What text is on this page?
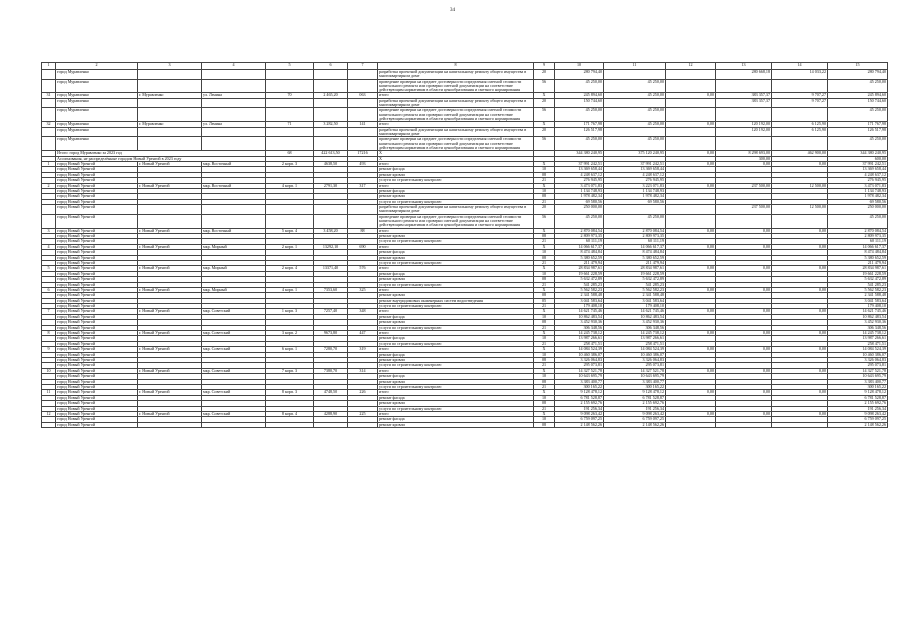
34
1	2	3	4	5	6	7	8	9	10	11	12	13	14	15
	город Муравленко						разработка проектной документации на капитальному ремонту общего имущества в многоквартирном доме	20	280 794,40			280 668,18	14 033,22	280 794,40
	город Муравленко						проведение проверки на предмет достоверности определения сметной стоимости капитального ремонта или проверки сметной документации на соответствие действующим нормативам в области ценообразования и сметного нормирования	56	45 250,00	45 250,00				45 250,00
31	город Муравленко	г. Муравленко	ул. Ленина	70	2 465,20	063	итого	X	245 894,60	45 250,00	0,00	383 357,37	9 707,27	245 894,60
	город Муравленко						разработка проектной документации на капитальному ремонту общего имущества в многоквартирном доме	20	150 744,60			383 357,37	9 707,27	150 744,60
	город Муравленко						проведение проверки на предмет достоверности определения сметной стоимости капитального ремонта или проверки сметной документации на соответствие действующим нормативам в области ценообразования и сметного нормирования	56	45 250,00	45 250,00				45 250,00
32	город Муравленко	г. Муравленко	ул. Ленина	71	3 282,50	141	итого	X	171 767,98	45 250,00	0,00	120 192,00	6 125,90	171 767,98
	город Муравленко						разработка проектной документации на капитальному ремонту общего имущества в многоквартирном доме	20	126 517,98			120 192,00	6 125,90	126 517,98
	город Муравленко						проведение проверки на предмет достоверности определения сметной стоимости капитального ремонта или проверки сметной документации на соответствие действующим нормативам в области ценообразования и сметного нормирования	56	45 250,00	45 250,00				45 250,00
	Итого: город Муравленко за 2023 год			68	422 613,50	17216	X		344 380 240,95	375 120 240,95	0,00	8 298 693,00	462 900,00	344 380 240,95
	Ассигнования, не распределённые городом Новый Уренгой в 2023 году						X					300,00		600,00
1	город Новый Уренгой	г. Новый Уренгой	мкр. Восточный	2 корп. 3	4638,50	493	итого	X	37 991 242,51	37 991 242,51	0,00	0,00	0,00	37 991 242,51
	город Новый Уренгой						ремонт фасада	10	13 369 658,44	13 369 658,44				13 369 658,44
	город Новый Уренгой						ремонт кровли	08	4 248 637,12	4 248 637,12				4 248 637,12
	город Новый Уренгой						услуги по строительному контролю	21	276 945,95	276 945,95				276 945,95
2	город Новый Уренгой	г. Новый Уренгой	мкр. Восточный	4 корп. 1	2791,30	317	итого	X	3 473 071,83	3 223 071,83	0,00	237 500,00	12 500,00	3 473 071,83
	город Новый Уренгой						ремонт фасада	10	1 134 748,93	1 134 748,93				1 134 748,93
	город Новый Уренгой						ремонт кровли	08	1 978 482,34	1 978 482,34				1 978 482,34
	город Новый Уренгой						услуги по строительному контролю	21	69 580,56	69 580,56				69 580,56
	город Новый Уренгой						разработка проектной документации на капитальному ремонту общего имущества в многоквартирном доме	20	250 000,00			237 500,00	12 500,00	250 000,00
	город Новый Уренгой						проведение проверки на предмет достоверности определения сметной стоимости капитального ремонта или проверки сметной документации на соответствие действующим нормативам в области ценообразования и сметного нормирования	56	45 250,00	45 250,00				45 250,00
3	город Новый Уренгой	г. Новый Уренгой	мкр. Восточный	5 корп. 4	3 458,20	88	итого	X	2 870 084,54	2 870 084,54	0,00	0,00	0,00	2 870 084,54
	город Новый Уренгой						ремонт кровли	08	2 809 973,35	2 809 973,35				2 809 973,35
	город Новый Уренгой						услуги по строительному контролю	21	60 111,19	60 111,19				60 111,19
4	город Новый Уренгой	г. Новый Уренгой	мкр. Мирный	2 корп. 1	13292,10	690	итого	X	14 066 617,37	14 066 617,37	0,00	0,00	0,00	14 066 617,37
	город Новый Уренгой						ремонт фасада	10	8 474 484,84	8 474 484,84				8 474 484,84
	город Новый Уренгой						ремонт кровли	08	5 380 652,59	5 380 652,59				5 380 652,59
	город Новый Уренгой						услуги по строительному контролю	21	211 479,94	211 479,94				211 479,94
5	город Новый Уренгой	г. Новый Уренгой	мкр. Мирный	2 корп. 4	13371,40	576	итого	X	28 834 987,61	28 834 987,61	0,00	0,00	0,00	28 834 987,61
	город Новый Уренгой						ремонт фасада	10	19 661 228,59	19 661 228,59				19 661 228,59
	город Новый Уренгой						ремонт кровли	08	5 632 472,89	5 632 472,89				5 632 472,89
	город Новый Уренгой						услуги по строительному контролю	21	541 285,23	541 285,23				541 285,23
6	город Новый Уренгой	г. Новый Уренгой	мкр. Мирный	4 корп. 1	7353,60	325	итого	X	5 562 582,23	5 562 582,23	0,00	0,00	0,00	5 562 582,23
	город Новый Уренгой						ремонт кровли	08	2 341 588,48	2 341 588,48				2 341 588,48
	город Новый Уренгой						ремонт внутридомовых инженерных систем водоотведения	05	3 041 583,64	3 041 583,64				3 041 583,64
	город Новый Уренгой						услуги по строительному контролю	21	179 408,10	179 408,10				179 408,10
7	город Новый Уренгой	г. Новый Уренгой	мкр. Советский	1 корп. 3	7257,40	348	итого	X	14 621 745,46	14 621 745,46	0,00	0,00	0,00	14 621 745,46
	город Новый Уренгой						ремонт фасада	10	10 862 483,54	10 862 483,54				10 862 483,54
	город Новый Уренгой						ремонт кровли	08	3 452 930,36	3 452 930,36				3 452 930,36
	город Новый Уренгой						услуги по строительному контролю	21	306 348,56	306 348,56				306 348,56
8	город Новый Уренгой	г. Новый Уренгой	мкр. Советский	3 корп. 2	9673,80	447	итого	X	14 245 738,12	14 245 738,12	0,00	0,00	0,00	14 245 738,12
	город Новый Уренгой						ремонт фасада	10	13 987 266,61	13 987 266,61				13 987 266,61
	город Новый Уренгой						услуги по строительному контролю	21	258 471,51	258 471,51				258 471,51
9	город Новый Уренгой	г. Новый Уренгой	мкр. Советский	6 корп. 1	7280,70	319	итого	X	14 084 524,39	14 084 524,39	0,00	0,00	0,00	14 084 524,39
	город Новый Уренгой						ремонт фасада	10	10 460 386,07	10 460 386,07				10 460 386,07
	город Новый Уренгой						ремонт кровли	08	3 326 064,83	3 326 064,83				3 326 064,83
	город Новый Уренгой						услуги по строительному контролю	21	295 073,81	295 073,81				295 073,81
10	город Новый Уренгой	г. Новый Уренгой	мкр. Советский	7 корп. 3	7380,70	314	итого	X	14 327 521,78	14 327 521,78	0,00	0,00	0,00	14 327 521,78
	город Новый Уренгой						ремонт фасада	10	10 643 695,79	10 643 695,79				10 643 695,79
	город Новый Уренгой						ремонт кровли	08	3 383 400,77	3 383 400,77				3 383 400,77
	город Новый Уренгой						услуги по строительному контролю	21	300 165,22	300 165,22				300 165,22
11	город Новый Уренгой	г. Новый Уренгой	мкр. Советский	8 корп. 3	4748,50	226	итого	X	9 128 478,12	9 128 478,12	0,00	0,00	0,00	9 128 478,12
	город Новый Уренгой						ремонт фасада	10	6 781 528,87	6 781 528,87				6 781 528,87
	город Новый Уренгой						ремонт кровли	08	2 155 692,76	2 155 692,76				2 155 692,76
	город Новый Уренгой						услуги по строительному контролю	21	191 256,34	191 256,34				191 256,34
12	город Новый Уренгой	г. Новый Уренгой	мкр. Советский	8 корп. 4	4288,90	225	итого	X	9 098 263,42	9 098 263,42	0,00	0,00	0,00	9 098 263,42
	город Новый Уренгой						ремонт фасада	10	6 759 097,25	6 759 097,25				6 759 097,25
	город Новый Уренгой						ремонт кровли	08	2 148 562,26	2 148 562,26				2 148 562,26
